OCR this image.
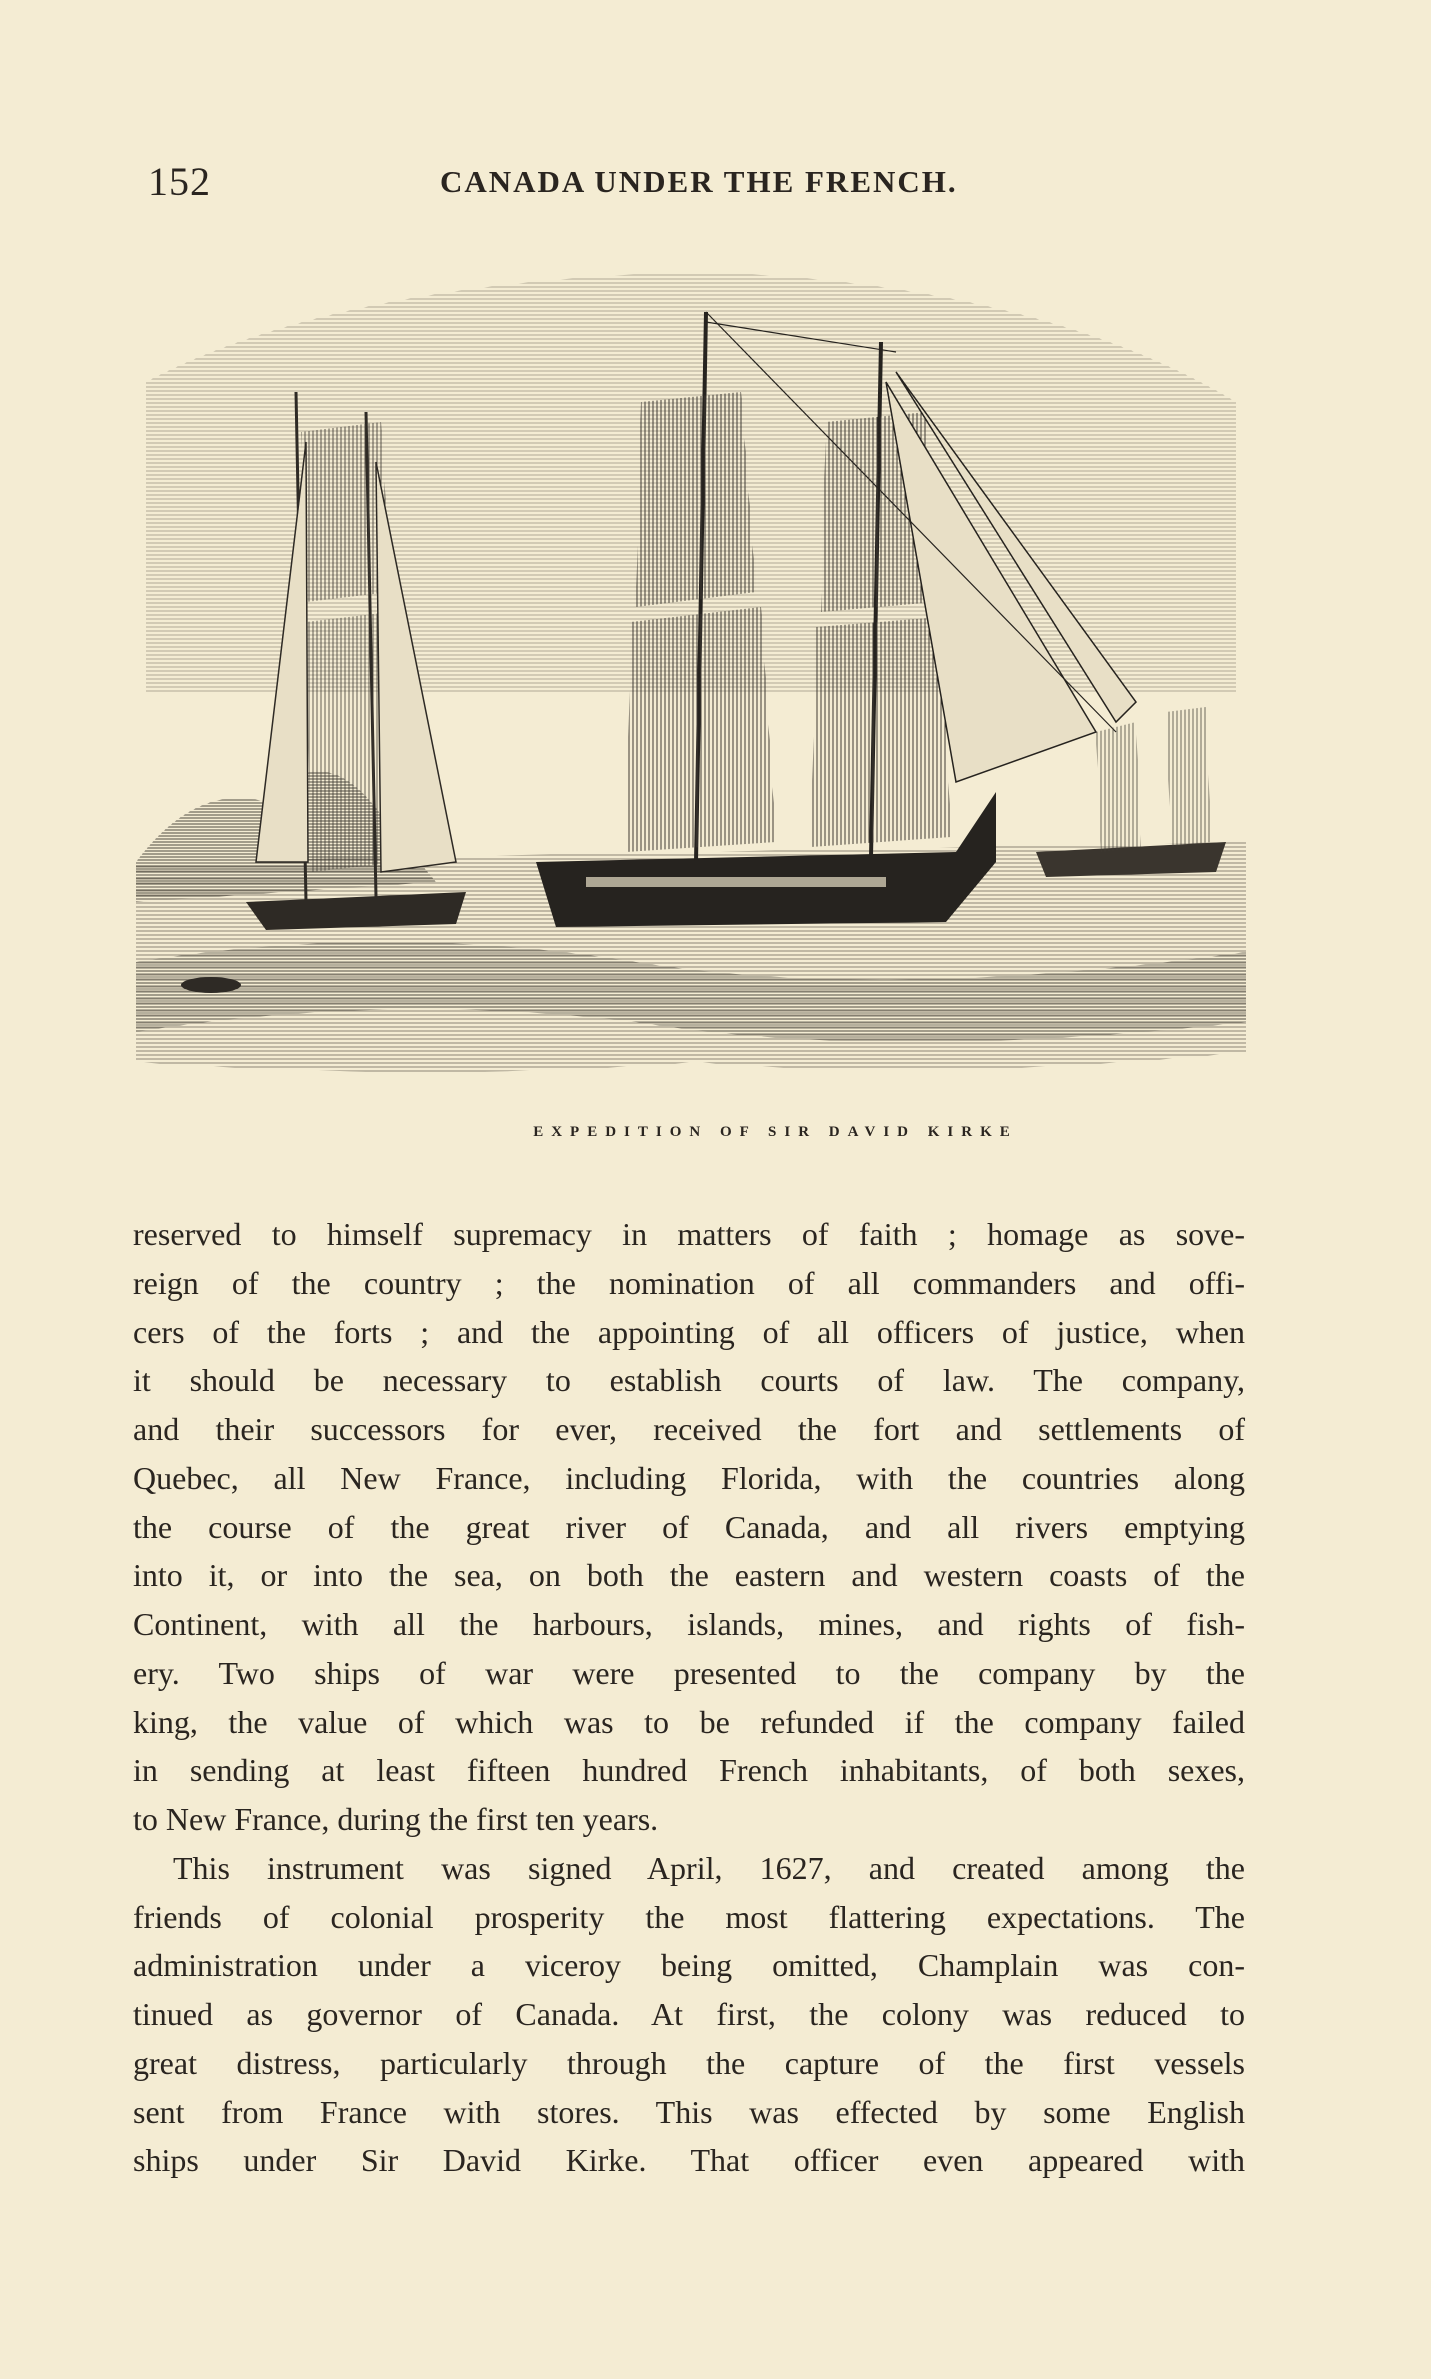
152	CANADA UNDER THE FRENCH.
EXPEDITION OF SIR DAVID KIRKE
reserved to himself supremacy in matters of faith ; homage as sove-
reign of the country ; the nomination of all commanders and offi-
cers of the forts ; and the appointing of all officers of justice, when
it should be necessary to establish courts of law. The company,
and their successors for ever, received the fort and settlements of
Quebec, all New France, including Florida, with the countries along
the course of the great river of Canada, and all rivers emptying
into it, or into the sea, on both the eastern and western coasts of the
Continent, with all the harbours, islands, mines, and rights of fish-
ery. Two ships of war were presented to the company by the
king, the value of which was to be refunded if the company failed
in sending at least fifteen hundred French inhabitants, of both sexes,
to New France, during the first ten years.
This instrument was signed April, 1627, and created among the
friends of colonial prosperity the most flattering expectations. The
administration under a viceroy being omitted, Champlain was con-
tinued as governor of Canada. At first, the colony was reduced to
great distress, particularly through the capture of the first vessels
sent from France with stores. This was effected by some English
ships under Sir David Kirke. That officer even appeared with
